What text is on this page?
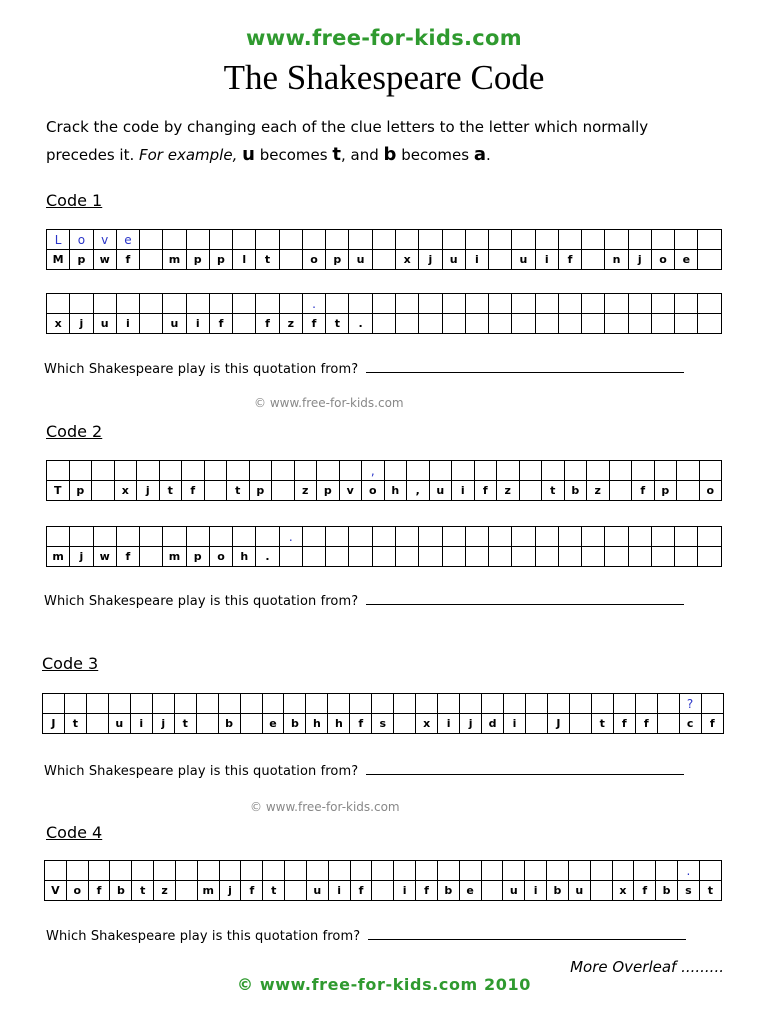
www.free-for-kids.com
The Shakespeare Code
Crack the code by changing each of the clue letters to the letter which normally
precedes it. For example, u becomes t, and b becomes a.
Code 1
L	o	v	e																									
M	p	w	f		m	p	p	l	t		o	p	u		x	j	u	i		u	i	f		n	j	o	e	
											.																	
x	j	u	i		u	i	f		f	z	f	t	.															
Which Shakespeare play is this quotation from?
© www.free-for-kids.com
Code 2
														,															
T	p		x	j	t	f		t	p		z	p	v	o	h	,	u	i	f	z		t	b	z		f	p		o
										.																		
m	j	w	f		m	p	o	h	.																			
Which Shakespeare play is this quotation from?
Code 3
																													?	
J	t		u	i	j	t		b		e	b	h	h	f	s		x	i	j	d	i		J		t	f	f		c	f
Which Shakespeare play is this quotation from?
© www.free-for-kids.com
Code 4
																													.	
V	o	f	b	t	z		m	j	f	t		u	i	f		i	f	b	e		u	i	b	u		x	f	b	s	t
Which Shakespeare play is this quotation from?
More Overleaf .........
© www.free-for-kids.com 2010
